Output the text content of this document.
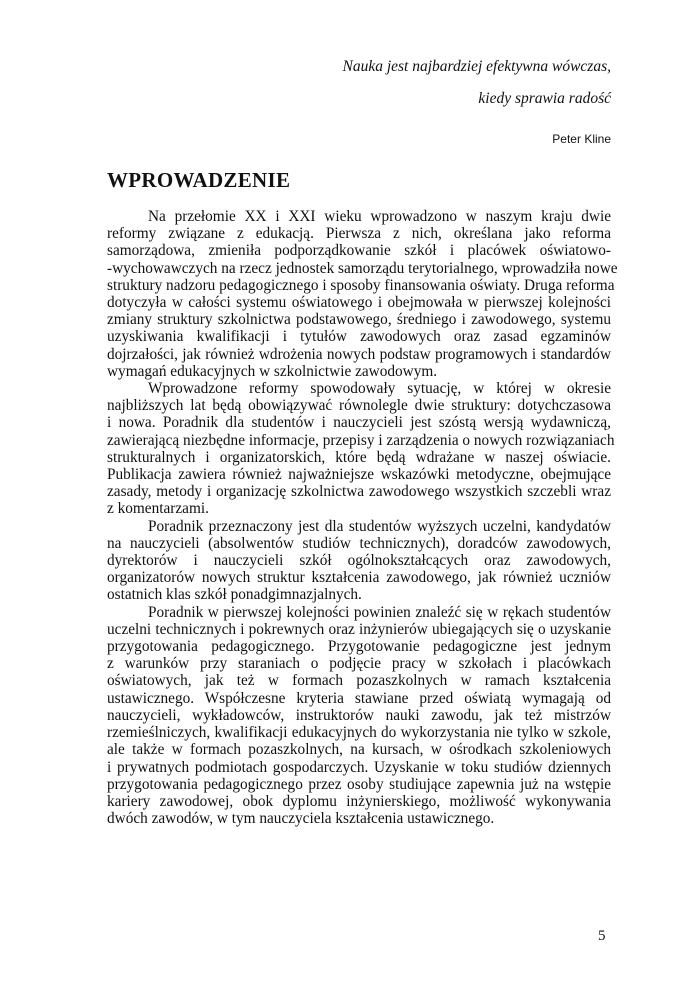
Nauka jest najbardziej efektywna wówczas,
kiedy sprawia radość
Peter Kline
WPROWADZENIE
Na przełomie XX i XXI wieku wprowadzono w naszym kraju dwie
reformy związane z edukacją. Pierwsza z nich, określana jako reforma
samorządowa, zmieniła podporządkowanie szkół i placówek oświatowo-
-wychowawczych na rzecz jednostek samorządu terytorialnego, wprowadziła nowe
struktury nadzoru pedagogicznego i sposoby finansowania oświaty. Druga reforma
dotyczyła w całości systemu oświatowego i obejmowała w pierwszej kolejności
zmiany struktury szkolnictwa podstawowego, średniego i zawodowego, systemu
uzyskiwania kwalifikacji i tytułów zawodowych oraz zasad egzaminów
dojrzałości, jak również wdrożenia nowych podstaw programowych i standardów
wymagań edukacyjnych w szkolnictwie zawodowym.
Wprowadzone reformy spowodowały sytuację, w której w okresie
najbliższych lat będą obowiązywać równolegle dwie struktury: dotychczasowa
i nowa. Poradnik dla studentów i nauczycieli jest szóstą wersją wydawniczą,
zawierającą niezbędne informacje, przepisy i zarządzenia o nowych rozwiązaniach
strukturalnych i organizatorskich, które będą wdrażane w naszej oświacie.
Publikacja zawiera również najważniejsze wskazówki metodyczne, obejmujące
zasady, metody i organizację szkolnictwa zawodowego wszystkich szczebli wraz
z komentarzami.
Poradnik przeznaczony jest dla studentów wyższych uczelni, kandydatów
na nauczycieli (absolwentów studiów technicznych), doradców zawodowych,
dyrektorów i nauczycieli szkół ogólnokształcących oraz zawodowych,
organizatorów nowych struktur kształcenia zawodowego, jak również uczniów
ostatnich klas szkół ponadgimnazjalnych.
Poradnik w pierwszej kolejności powinien znaleźć się w rękach studentów
uczelni technicznych i pokrewnych oraz inżynierów ubiegających się o uzyskanie
przygotowania pedagogicznego. Przygotowanie pedagogiczne jest jednym
z warunków przy staraniach o podjęcie pracy w szkołach i placówkach
oświatowych, jak też w formach pozaszkolnych w ramach kształcenia
ustawicznego. Współczesne kryteria stawiane przed oświatą wymagają od
nauczycieli, wykładowców, instruktorów nauki zawodu, jak też mistrzów
rzemieślniczych, kwalifikacji edukacyjnych do wykorzystania nie tylko w szkole,
ale także w formach pozaszkolnych, na kursach, w ośrodkach szkoleniowych
i prywatnych podmiotach gospodarczych. Uzyskanie w toku studiów dziennych
przygotowania pedagogicznego przez osoby studiujące zapewnia już na wstępie
kariery zawodowej, obok dyplomu inżynierskiego, możliwość wykonywania
dwóch zawodów, w tym nauczyciela kształcenia ustawicznego.
5
